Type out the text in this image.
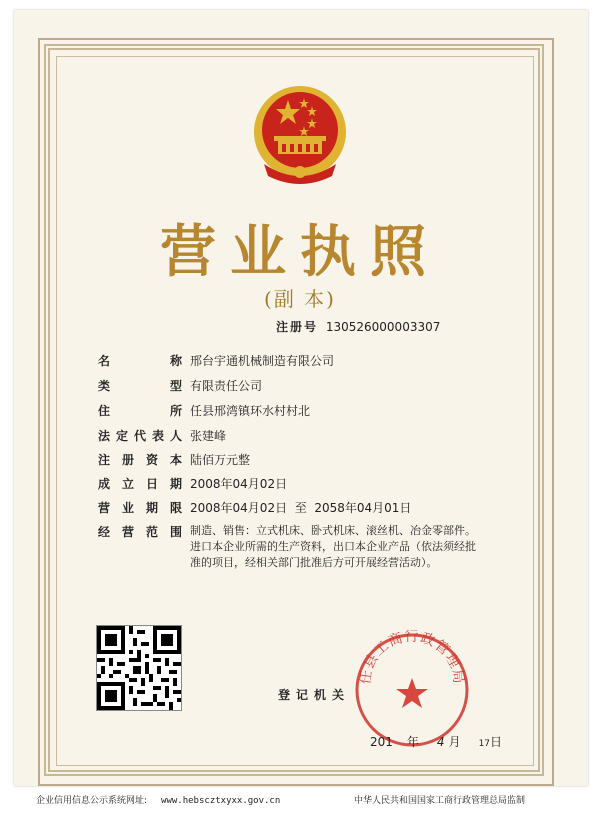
营业执照
(副 本)
注册号 130526000003307
名称 邢台宇通机械制造有限公司
类型 有限责任公司
住所 任县邢湾镇环水村村北
法定代表人 张建峰
注册资本 陆佰万元整
成立日期 2008年04月02日
营业期限 2008年04月02日  至  2058年04月01日
经营范围 制造、销售：立式机床、卧式机床、滚丝机、冶金零部件。进口本企业所需的生产资料，出口本企业产品（依法须经批准的项目，经相关部门批准后方可开展经营活动）。
登记机关
任县工商行政管理局
201 年 4 月 17日
企业信用信息公示系统网址: www.hebscztxyxx.gov.cn	中华人民共和国国家工商行政管理总局监制
